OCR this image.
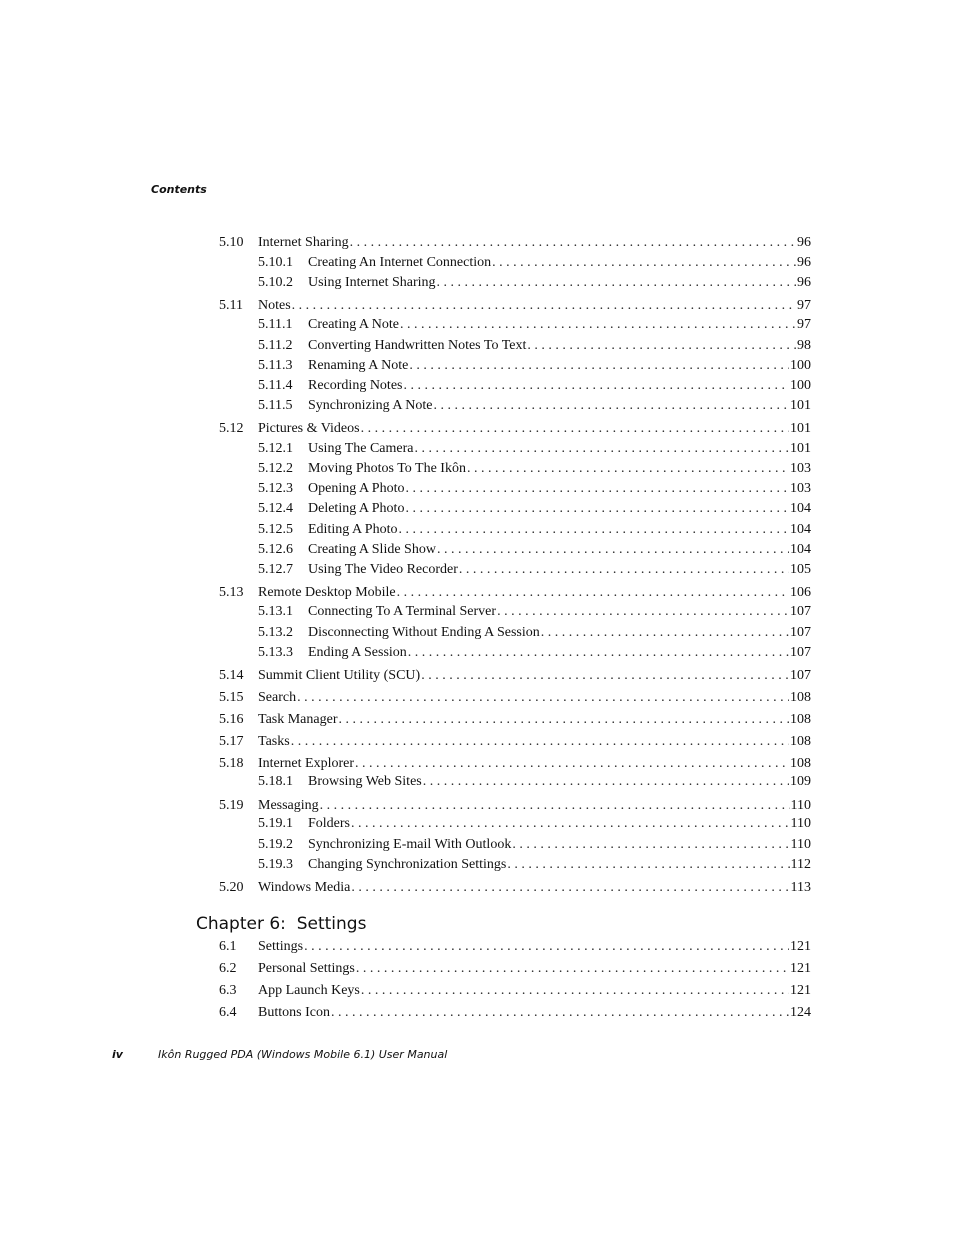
Contents
5.10	Internet Sharing . . .	96
5.10.1	Creating An Internet Connection . . .	96
5.10.2	Using Internet Sharing . . .	96
5.11	Notes . . .	97
5.11.1	Creating A Note . . .	97
5.11.2	Converting Handwritten Notes To Text . . .	98
5.11.3	Renaming A Note . . .	100
5.11.4	Recording Notes . . .	100
5.11.5	Synchronizing A Note . . .	101
5.12	Pictures & Videos . . .	101
5.12.1	Using The Camera . . .	101
5.12.2	Moving Photos To The Ikôn . . .	103
5.12.3	Opening A Photo . . .	103
5.12.4	Deleting A Photo . . .	104
5.12.5	Editing A Photo . . .	104
5.12.6	Creating A Slide Show . . .	104
5.12.7	Using The Video Recorder . . .	105
5.13	Remote Desktop Mobile . . .	106
5.13.1	Connecting To A Terminal Server . . .	107
5.13.2	Disconnecting Without Ending A Session . . .	107
5.13.3	Ending A Session . . .	107
5.14	Summit Client Utility (SCU) . . .	107
5.15	Search . . .	108
5.16	Task Manager . . .	108
5.17	Tasks . . .	108
5.18	Internet Explorer . . .	108
5.18.1	Browsing Web Sites . . .	109
5.19	Messaging . . .	110
5.19.1	Folders . . .	110
5.19.2	Synchronizing E-mail With Outlook . . .	110
5.19.3	Changing Synchronization Settings . . .	112
5.20	Windows Media . . .	113
6.1	Settings . . .	121
6.2	Personal Settings . . .	121
6.3	App Launch Keys . . .	121
6.4	Buttons Icon . . .	124
Chapter 6:  Settings
iv	Ikôn Rugged PDA (Windows Mobile 6.1) User Manual
